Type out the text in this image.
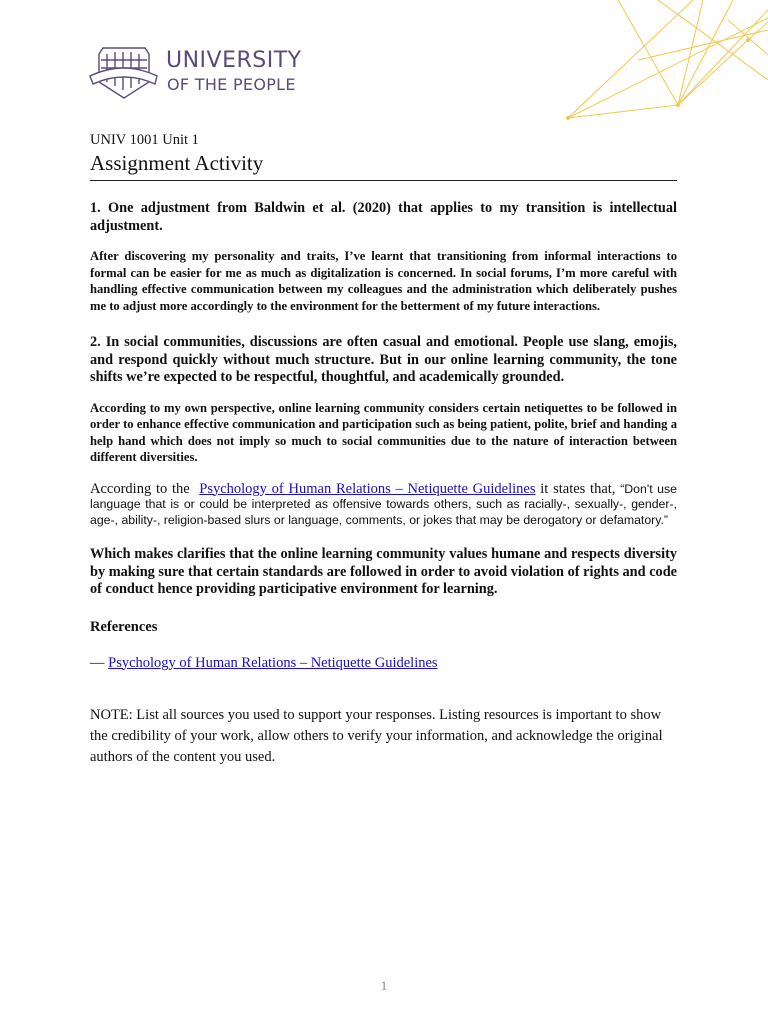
UNIVERSITY
OF THE PEOPLE
UNIV 1001 Unit 1
Assignment Activity

1. One adjustment from Baldwin et al. (2020) that applies to my transition is intellectual adjustment.

After discovering my personality and traits, I’ve learnt that transitioning from informal interactions to formal can be easier for me as much as digitalization is concerned. In social forums, I’m more careful with handling effective communication between my colleagues and the administration which deliberately pushes me to adjust more accordingly to the environment for the betterment of my future interactions.

2. In social communities, discussions are often casual and emotional. People use slang, emojis, and respond quickly without much structure. But in our online learning community, the tone shifts we’re expected to be respectful, thoughtful, and academically grounded.

According to my own perspective, online learning community considers certain netiquettes to be followed in order to enhance effective communication and participation such as being patient, polite, brief and handing a help hand which does not imply so much to social communities due to the nature of interaction between different diversities.

According to the Psychology of Human Relations – Netiquette Guidelines it states that, “Don't use language that is or could be interpreted as offensive towards others, such as racially-, sexually-, gender-, age-, ability-, religion-based slurs or language, comments, or jokes that may be derogatory or defamatory.”

Which makes clarifies that the online learning community values humane and respects diversity by making sure that certain standards are followed in order to avoid violation of rights and code of conduct hence providing participative environment for learning.

References

— Psychology of Human Relations – Netiquette Guidelines

NOTE: List all sources you used to support your responses. Listing resources is important to show the credibility of your work, allow others to verify your information, and acknowledge the original authors of the content you used.

1
